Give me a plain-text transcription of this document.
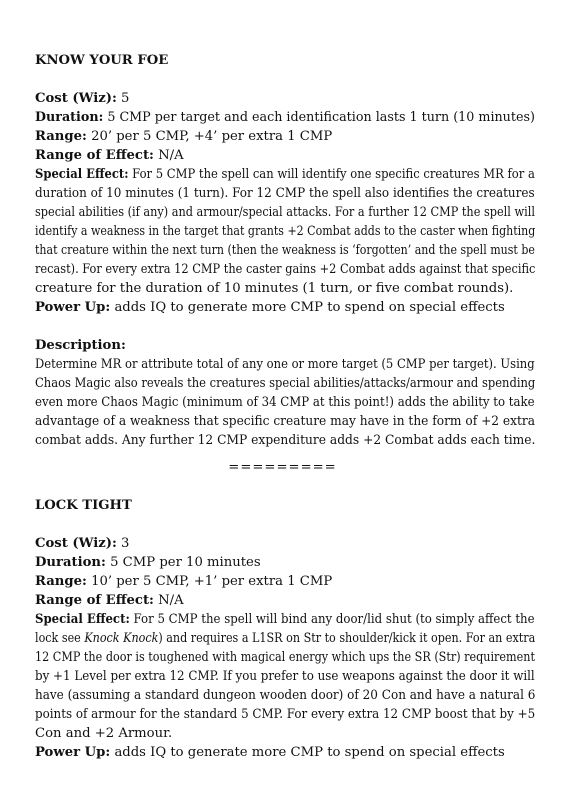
KNOW YOUR FOE
Cost (Wiz): 5
Duration: 5 CMP per target and each identification lasts 1 turn (10 minutes)
Range: 20’ per 5 CMP, +4’ per extra 1 CMP
Range of Effect: N/A
Special Effect: For 5 CMP the spell can will identify one specific creatures MR for a
duration of 10 minutes (1 turn). For 12 CMP the spell also identifies the creatures
special abilities (if any) and armour/special attacks. For a further 12 CMP the spell will
identify a weakness in the target that grants +2 Combat adds to the caster when fighting
that creature within the next turn (then the weakness is ‘forgotten’ and the spell must be
recast). For every extra 12 CMP the caster gains +2 Combat adds against that specific
creature for the duration of 10 minutes (1 turn, or five combat rounds).
Power Up: adds IQ to generate more CMP to spend on special effects
Description:
Determine MR or attribute total of any one or more target (5 CMP per target). Using
Chaos Magic also reveals the creatures special abilities/attacks/armour and spending
even more Chaos Magic (minimum of 34 CMP at this point!) adds the ability to take
advantage of a weakness that specific creature may have in the form of +2 extra
combat adds. Any further 12 CMP expenditure adds +2 Combat adds each time.
=========
LOCK TIGHT
Cost (Wiz): 3
Duration: 5 CMP per 10 minutes
Range: 10’ per 5 CMP, +1’ per extra 1 CMP
Range of Effect: N/A
Special Effect: For 5 CMP the spell will bind any door/lid shut (to simply affect the
lock see Knock Knock) and requires a L1SR on Str to shoulder/kick it open. For an extra
12 CMP the door is toughened with magical energy which ups the SR (Str) requirement
by +1 Level per extra 12 CMP. If you prefer to use weapons against the door it will
have (assuming a standard dungeon wooden door) of 20 Con and have a natural 6
points of armour for the standard 5 CMP. For every extra 12 CMP boost that by +5
Con and +2 Armour.
Power Up: adds IQ to generate more CMP to spend on special effects
